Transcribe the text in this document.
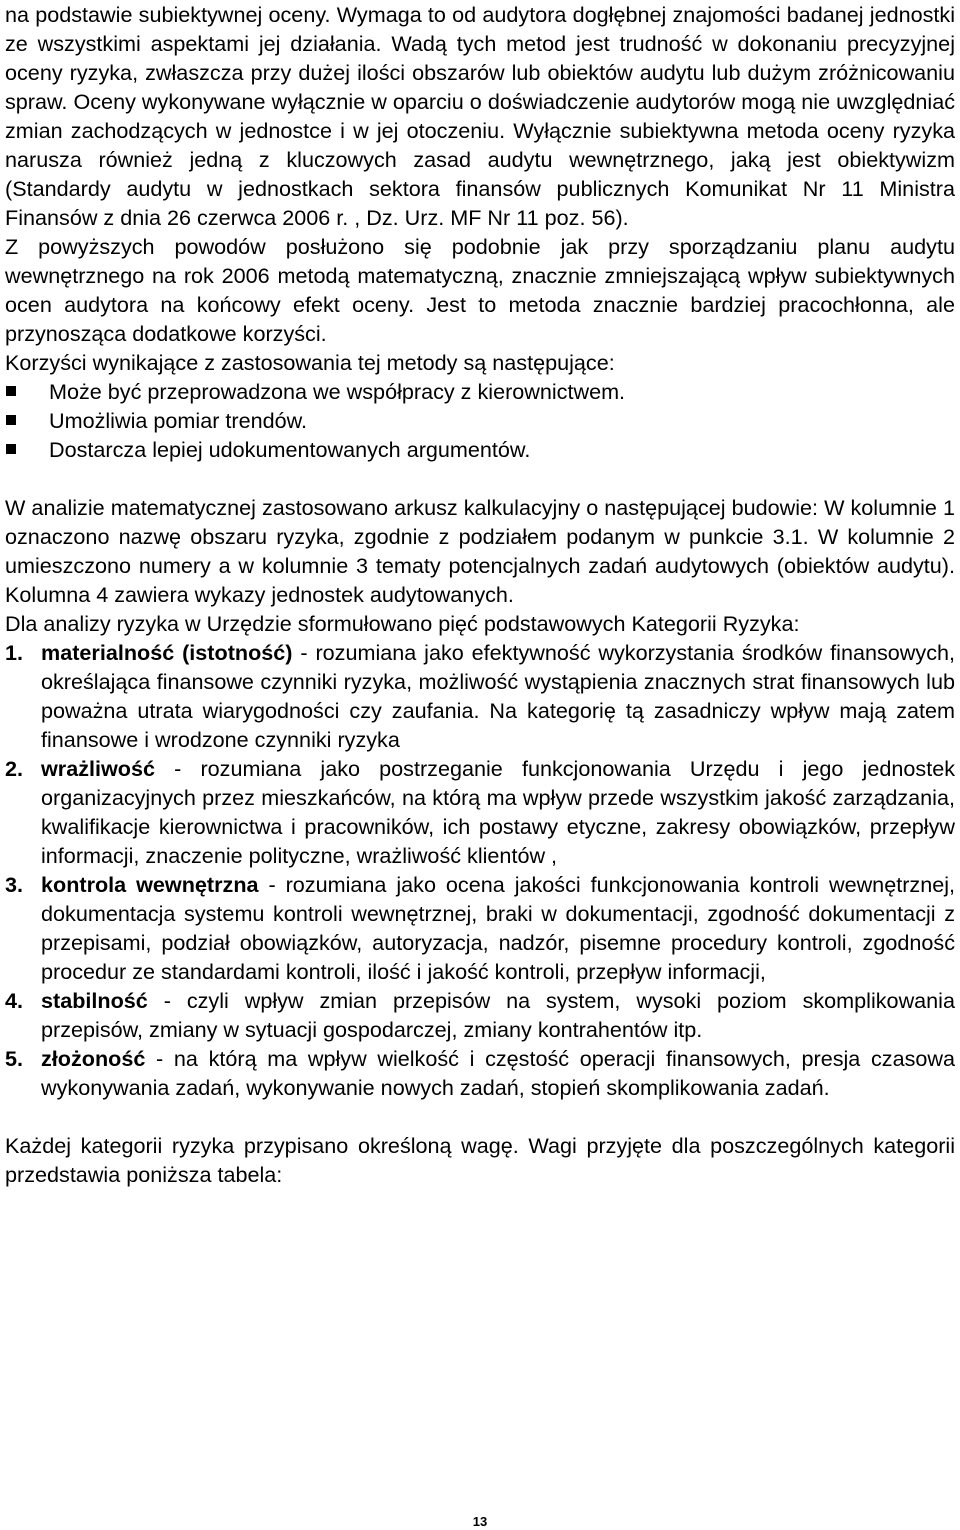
na podstawie subiektywnej oceny. Wymaga to od audytora dogłębnej znajomości badanej jednostki ze wszystkimi aspektami jej działania. Wadą tych metod jest trudność w dokonaniu precyzyjnej oceny ryzyka, zwłaszcza przy dużej ilości obszarów lub obiektów audytu lub dużym zróżnicowaniu spraw. Oceny wykonywane wyłącznie w oparciu o doświadczenie audytorów mogą nie uwzględniać zmian zachodzących w jednostce i w jej otoczeniu. Wyłącznie subiektywna metoda oceny ryzyka narusza również jedną z kluczowych zasad audytu wewnętrznego, jaką jest obiektywizm (Standardy audytu w jednostkach sektora finansów publicznych Komunikat Nr 11 Ministra Finansów z dnia 26 czerwca 2006 r. , Dz. Urz. MF Nr 11 poz. 56).

Z powyższych powodów posłużono się podobnie jak przy sporządzaniu planu audytu wewnętrznego na rok 2006 metodą matematyczną, znacznie zmniejszającą wpływ subiektywnych ocen audytora na końcowy efekt oceny. Jest to metoda znacznie bardziej pracochłonna, ale przynosząca dodatkowe korzyści.

Korzyści wynikające z zastosowania tej metody są następujące:

Może być przeprowadzona we współpracy z kierownictwem.
Umożliwia pomiar trendów.
Dostarcza lepiej udokumentowanych argumentów.

W analizie matematycznej zastosowano arkusz kalkulacyjny o następującej budowie: W kolumnie 1 oznaczono nazwę obszaru ryzyka, zgodnie z podziałem podanym w punkcie 3.1. W kolumnie 2 umieszczono numery a w kolumnie 3 tematy potencjalnych zadań audytowych (obiektów audytu). Kolumna 4 zawiera wykazy jednostek audytowanych.

Dla analizy ryzyka w Urzędzie sformułowano pięć podstawowych Kategorii Ryzyka:

1. materialność (istotność) - rozumiana jako efektywność wykorzystania środków finansowych, określająca finansowe czynniki ryzyka, możliwość wystąpienia znacznych strat finansowych lub poważna utrata wiarygodności czy zaufania. Na kategorię tą zasadniczy wpływ mają zatem finansowe i wrodzone czynniki ryzyka
2. wrażliwość - rozumiana jako postrzeganie funkcjonowania Urzędu i jego jednostek organizacyjnych przez mieszkańców, na którą ma wpływ przede wszystkim jakość zarządzania, kwalifikacje kierownictwa i pracowników, ich postawy etyczne, zakresy obowiązków, przepływ informacji, znaczenie polityczne, wrażliwość klientów ,
3. kontrola wewnętrzna - rozumiana jako ocena jakości funkcjonowania kontroli wewnętrznej, dokumentacja systemu kontroli wewnętrznej, braki w dokumentacji, zgodność dokumentacji z przepisami, podział obowiązków, autoryzacja, nadzór, pisemne procedury kontroli, zgodność procedur ze standardami kontroli, ilość i jakość kontroli, przepływ informacji,
4. stabilność - czyli wpływ zmian przepisów na system, wysoki poziom skomplikowania przepisów, zmiany w sytuacji gospodarczej, zmiany kontrahentów itp.
5. złożoność - na którą ma wpływ wielkość i częstość operacji finansowych, presja czasowa wykonywania zadań, wykonywanie nowych zadań, stopień skomplikowania zadań.

Każdej kategorii ryzyka przypisano określoną wagę. Wagi przyjęte dla poszczególnych kategorii przedstawia poniższa tabela:

13
